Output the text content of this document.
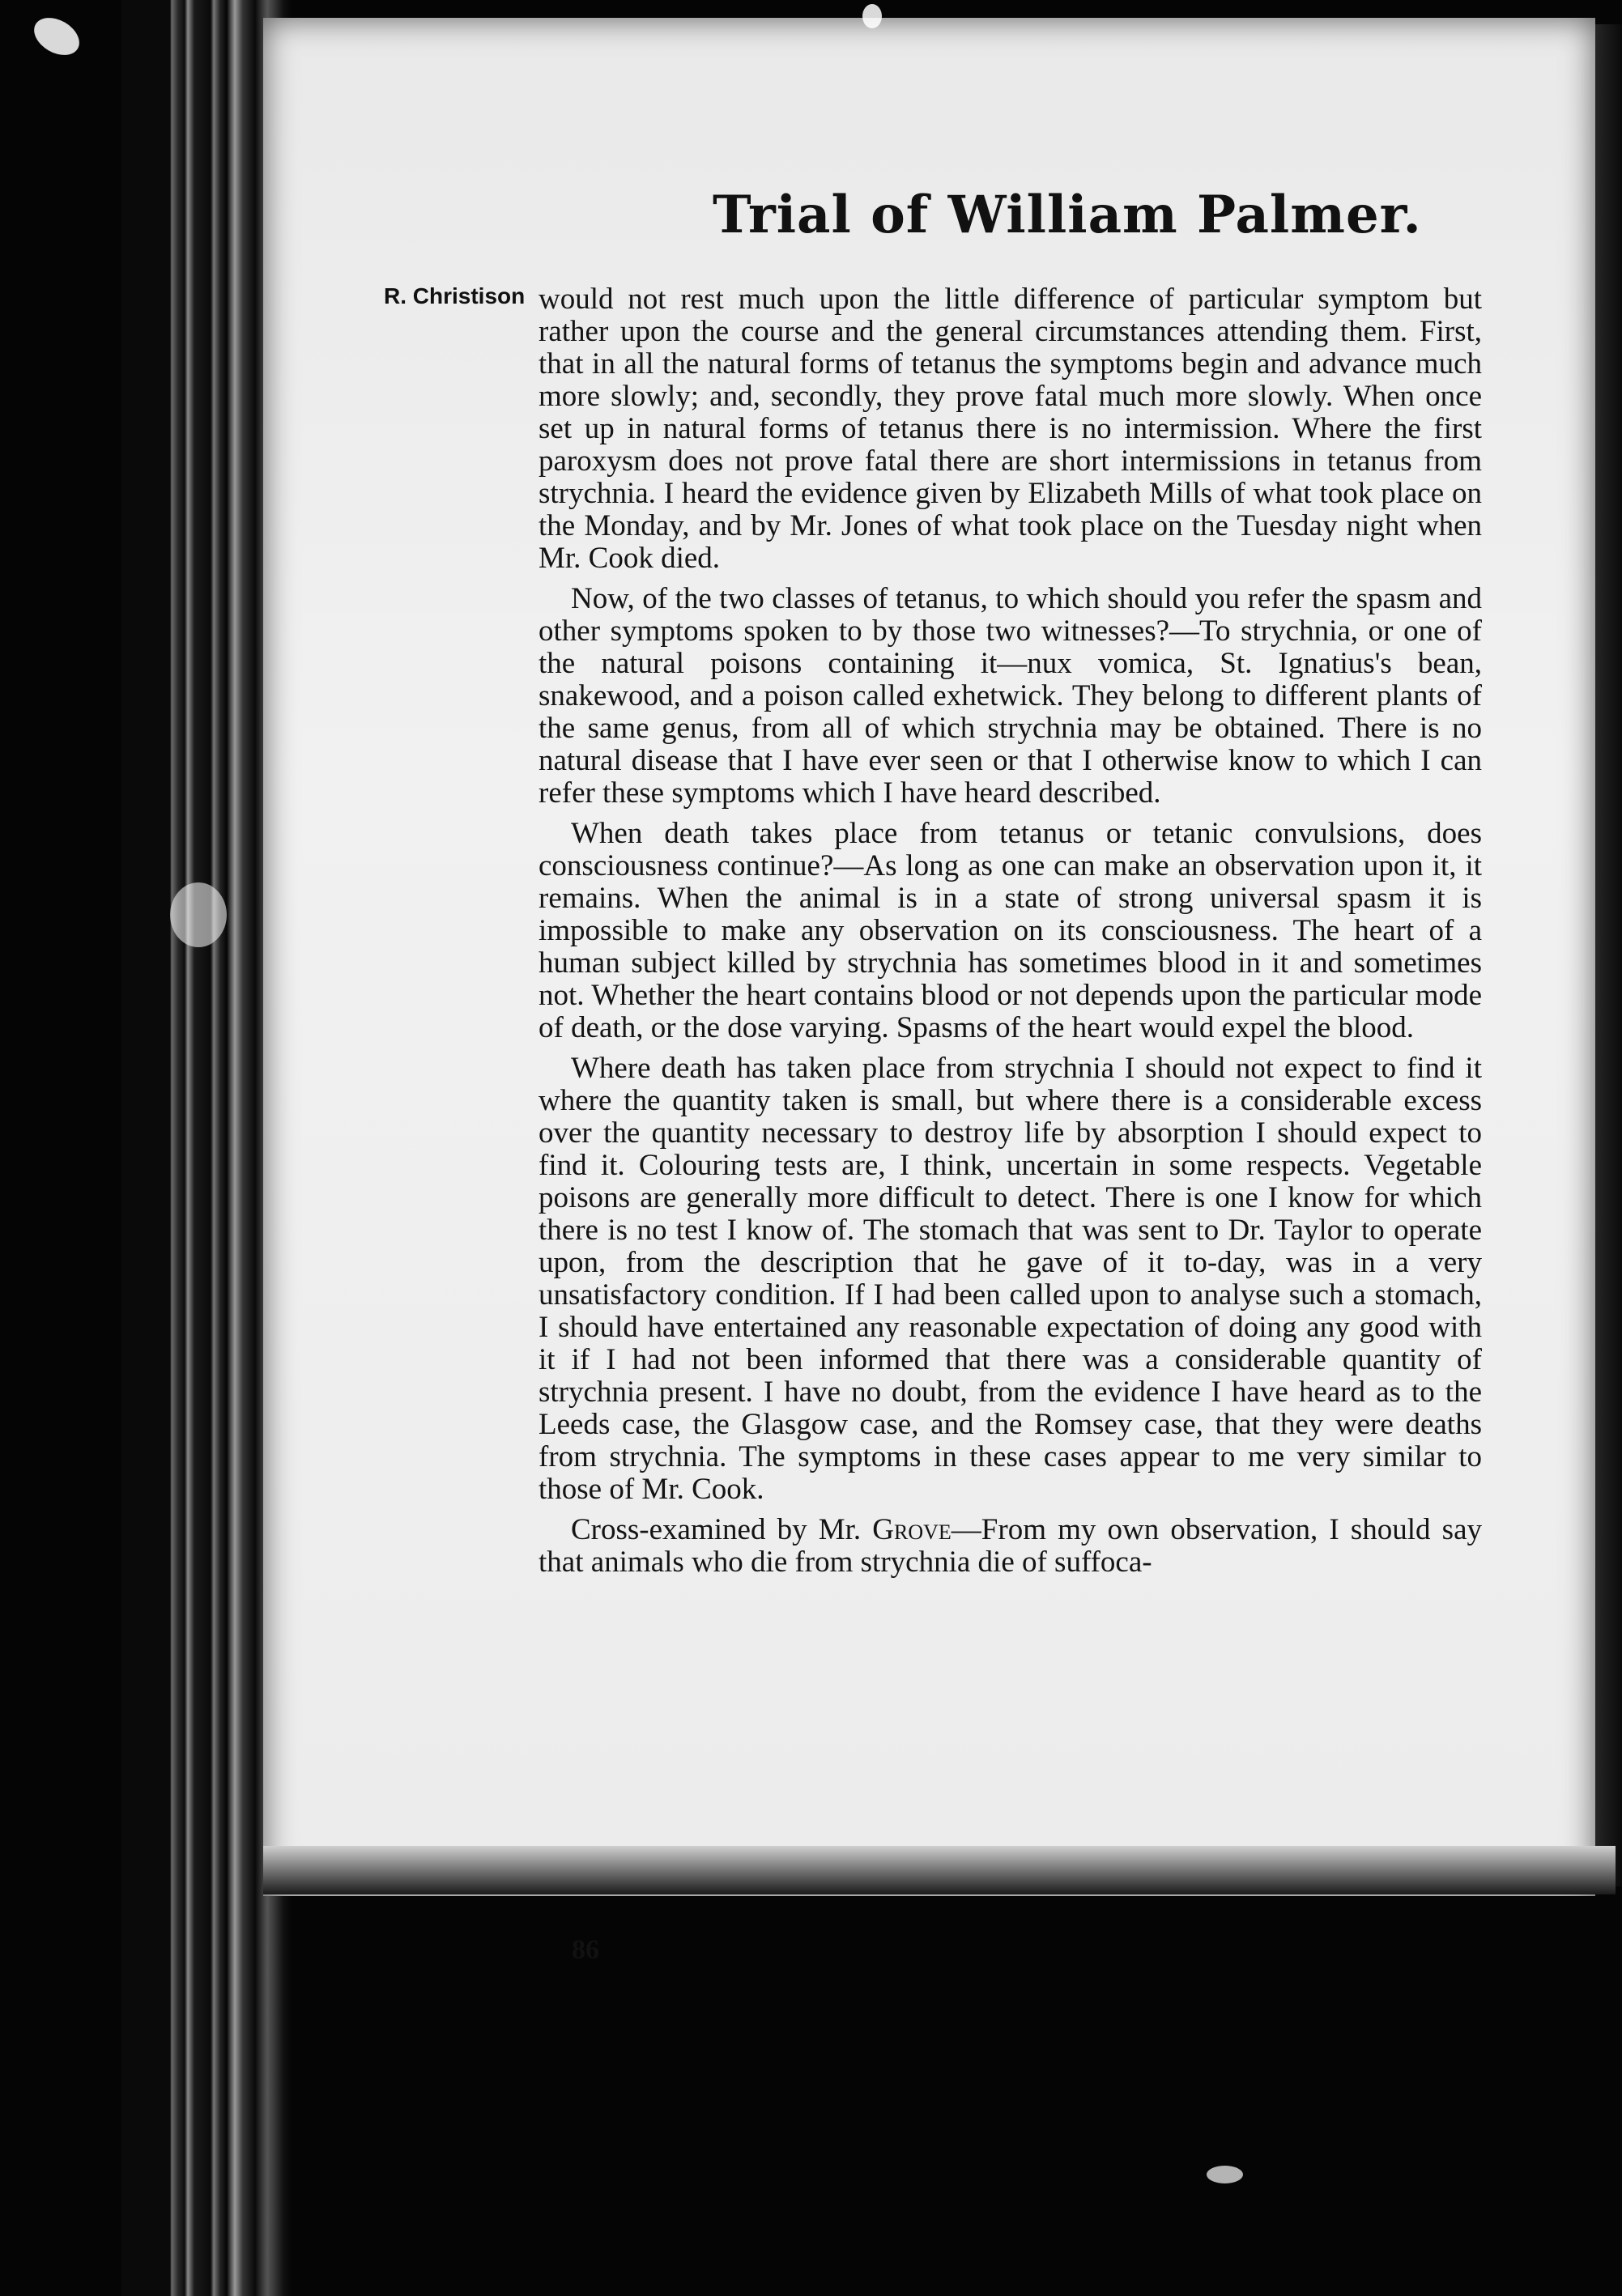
Trial of William Palmer.
R. Christison would not rest much upon the little difference of particular symptom but rather upon the course and the general circumstances attending them. First, that in all the natural forms of tetanus the symptoms begin and advance much more slowly; and, secondly, they prove fatal much more slowly. When once set up in natural forms of tetanus there is no intermission. Where the first paroxysm does not prove fatal there are short intermissions in tetanus from strychnia. I heard the evidence given by Elizabeth Mills of what took place on the Monday, and by Mr. Jones of what took place on the Tuesday night when Mr. Cook died.

Now, of the two classes of tetanus, to which should you refer the spasm and other symptoms spoken to by those two witnesses?—To strychnia, or one of the natural poisons containing it—nux vomica, St. Ignatius's bean, snakewood, and a poison called exhetwick. They belong to different plants of the same genus, from all of which strychnia may be obtained. There is no natural disease that I have ever seen or that I otherwise know to which I can refer these symptoms which I have heard described.

When death takes place from tetanus or tetanic convulsions, does consciousness continue?—As long as one can make an observation upon it, it remains. When the animal is in a state of strong universal spasm it is impossible to make any observation on its consciousness. The heart of a human subject killed by strychnia has sometimes blood in it and sometimes not. Whether the heart contains blood or not depends upon the particular mode of death, or the dose varying. Spasms of the heart would expel the blood.

Where death has taken place from strychnia I should not expect to find it where the quantity taken is small, but where there is a considerable excess over the quantity necessary to destroy life by absorption I should expect to find it. Colouring tests are, I think, uncertain in some respects. Vegetable poisons are generally more difficult to detect. There is one I know for which there is no test I know of. The stomach that was sent to Dr. Taylor to operate upon, from the description that he gave of it to-day, was in a very unsatisfactory condition. If I had been called upon to analyse such a stomach, I should have entertained any reasonable expectation of doing any good with it if I had not been informed that there was a considerable quantity of strychnia present. I have no doubt, from the evidence I have heard as to the Leeds case, the Glasgow case, and the Romsey case, that they were deaths from strychnia. The symptoms in these cases appear to me very similar to those of Mr. Cook.

Cross-examined by Mr. Grove—From my own observation, I should say that animals who die from strychnia die of suffoca-

86
